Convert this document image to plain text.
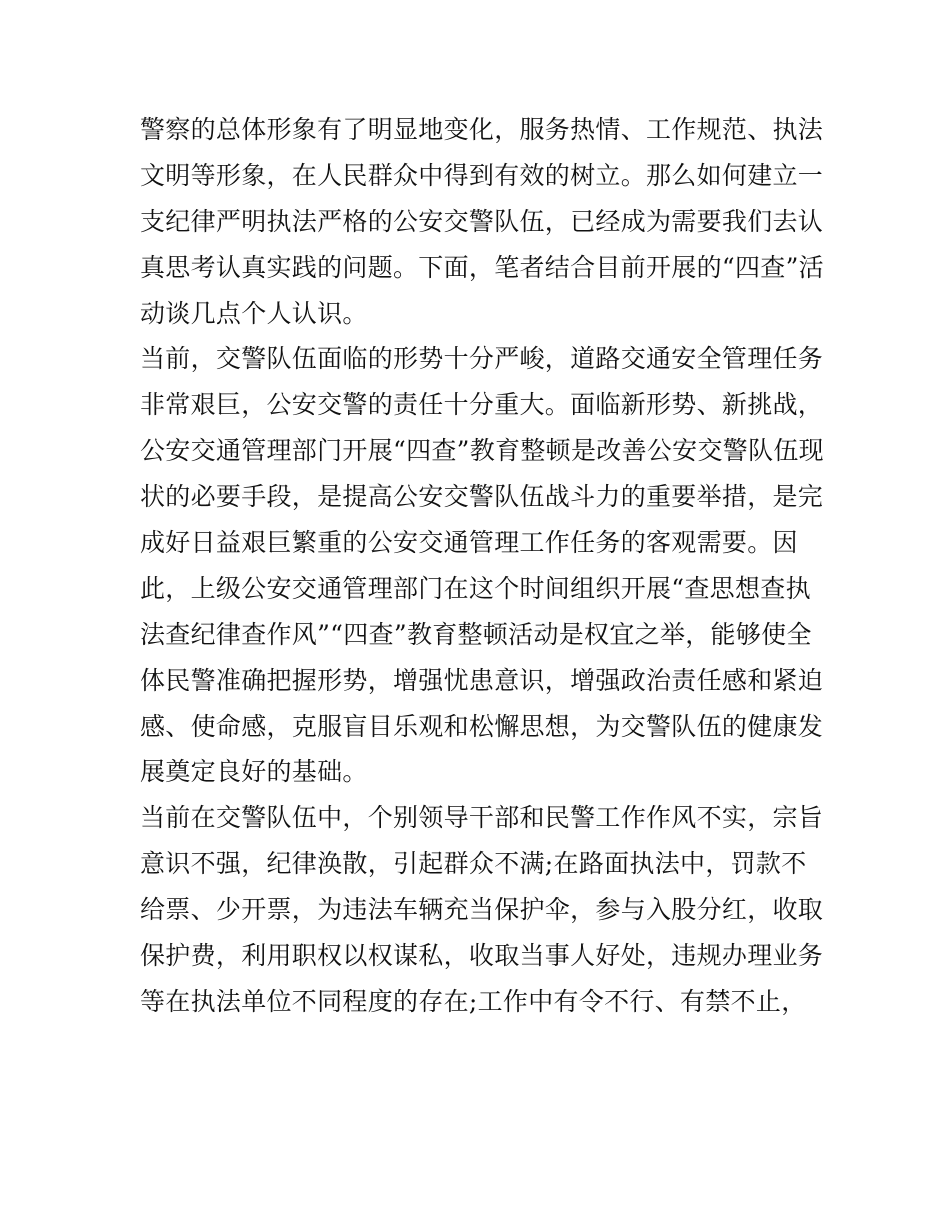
警察的总体形象有了明显地变化，服务热情、工作规范、执法
文明等形象，在人民群众中得到有效的树立。那么如何建立一
支纪律严明执法严格的公安交警队伍，已经成为需要我们去认
真思考认真实践的问题。下面，笔者结合目前开展的“四查”活
动谈几点个人认识。
当前，交警队伍面临的形势十分严峻，道路交通安全管理任务
非常艰巨，公安交警的责任十分重大。面临新形势、新挑战，
公安交通管理部门开展“四查”教育整顿是改善公安交警队伍现
状的必要手段，是提高公安交警队伍战斗力的重要举措，是完
成好日益艰巨繁重的公安交通管理工作任务的客观需要。因
此，上级公安交通管理部门在这个时间组织开展“查思想查执
法查纪律查作风”“四查”教育整顿活动是权宜之举，能够使全
体民警准确把握形势，增强忧患意识，增强政治责任感和紧迫
感、使命感，克服盲目乐观和松懈思想，为交警队伍的健康发
展奠定良好的基础。
当前在交警队伍中，个别领导干部和民警工作作风不实，宗旨
意识不强，纪律涣散，引起群众不满;在路面执法中，罚款不
给票、少开票，为违法车辆充当保护伞，参与入股分红，收取
保护费，利用职权以权谋私，收取当事人好处，违规办理业务
等在执法单位不同程度的存在;工作中有令不行、有禁不止，
